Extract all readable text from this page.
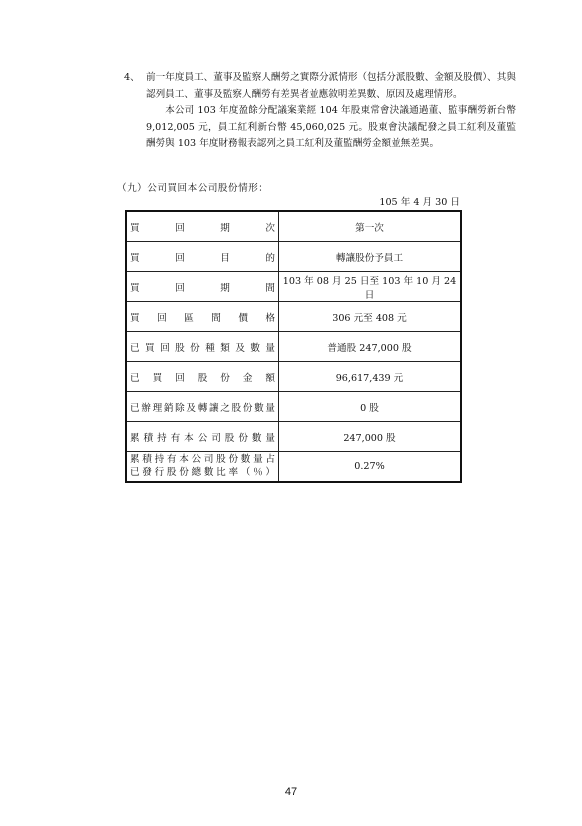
4、 前一年度員工、董事及監察人酬勞之實際分派情形（包括分派股數、金額及股價）、其與認列員工、董事及監察人酬勞有差異者並應敘明差異數、原因及處理情形。
本公司 103 年度盈餘分配議案業經 104 年股東常會決議通過董、監事酬勞新台幣 9,012,005 元，員工紅利新台幣 45,060,025 元。股東會決議配發之員工紅利及董監酬勞與 103 年度財務報表認列之員工紅利及董監酬勞金額並無差異。
（九）公司買回本公司股份情形：
105 年 4 月 30 日
買回期次	第一次
買回目的	轉讓股份予員工
買回期間	103 年 08 月 25 日至 103 年 10 月 24 日
買回區間價格	306 元至 408 元
已買回股份種類及數量	普通股 247,000 股
已買回股份金額	96,617,439 元
已辦理銷除及轉讓之股份數量	0 股
累積持有本公司股份數量	247,000 股

累積持有本公司股份數量占
已發行股份總數比率（％）	0.27%
47
